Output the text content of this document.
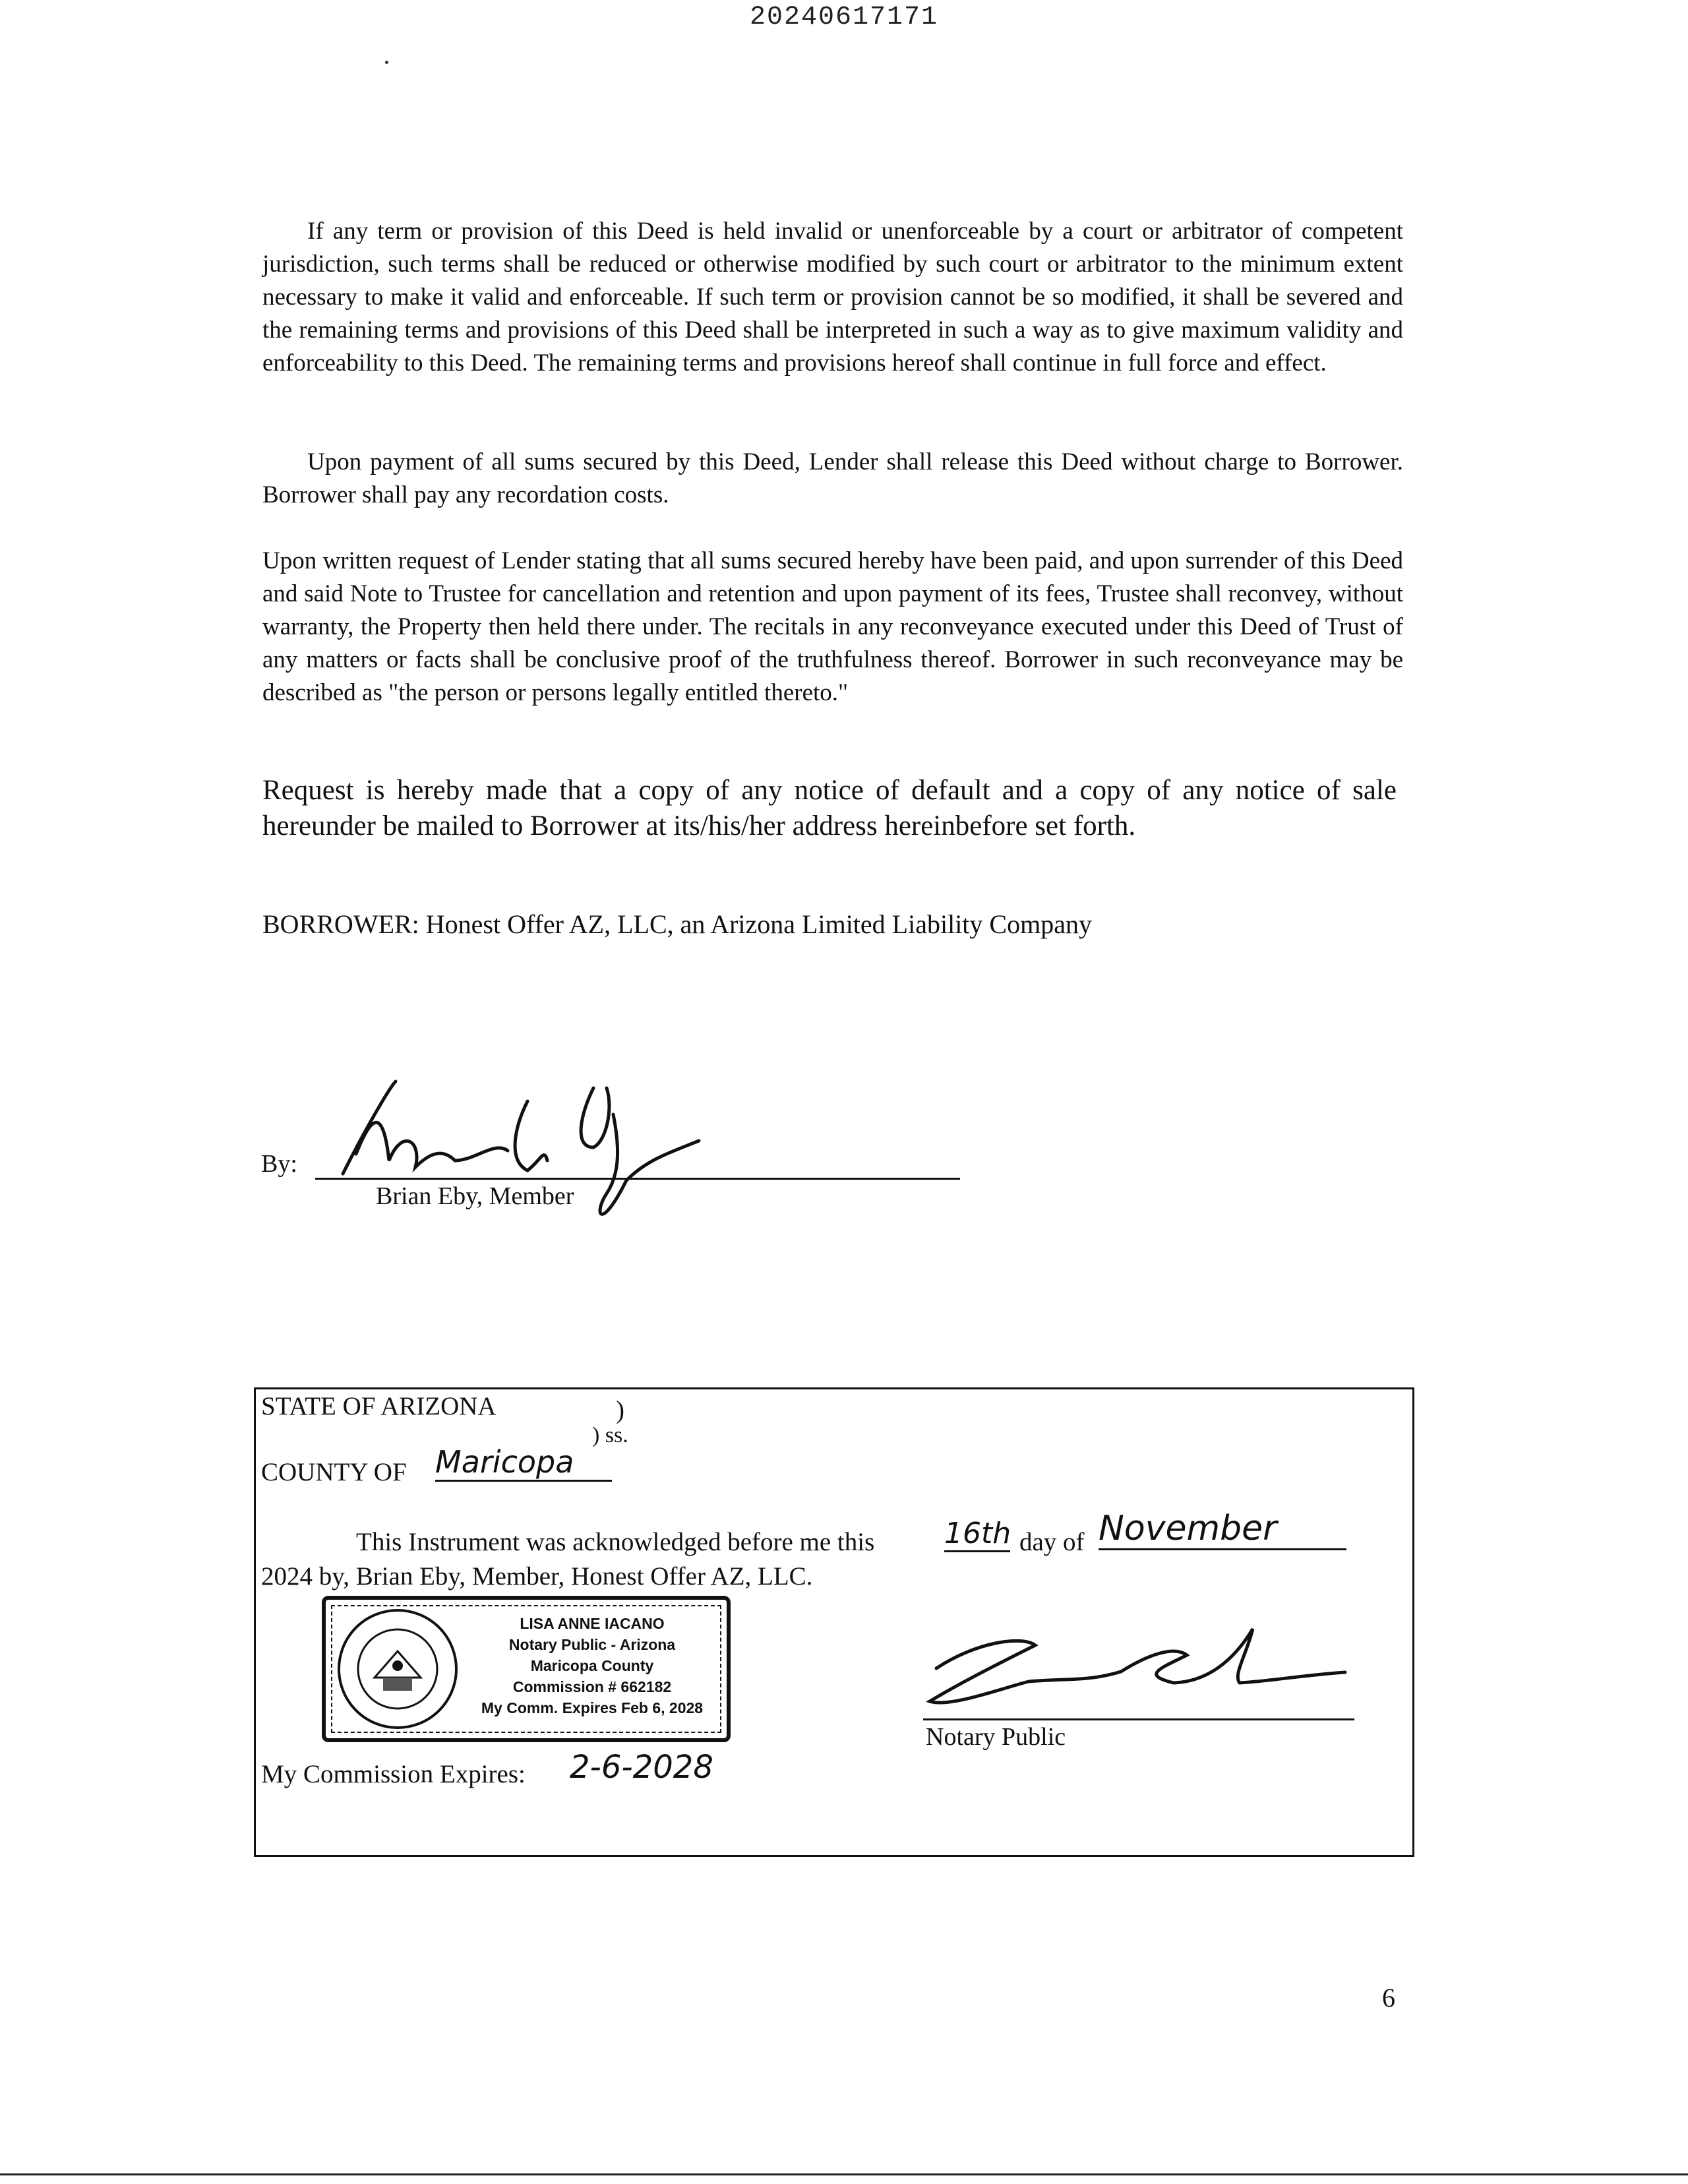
20240617171

If any term or provision of this Deed is held invalid or unenforceable by a court or arbitrator of competent jurisdiction, such terms shall be reduced or otherwise modified by such court or arbitrator to the minimum extent necessary to make it valid and enforceable. If such term or provision cannot be so modified, it shall be severed and the remaining terms and provisions of this Deed shall be interpreted in such a way as to give maximum validity and enforceability to this Deed. The remaining terms and provisions hereof shall continue in full force and effect.

Upon payment of all sums secured by this Deed, Lender shall release this Deed without charge to Borrower. Borrower shall pay any recordation costs.

Upon written request of Lender stating that all sums secured hereby have been paid, and upon surrender of this Deed and said Note to Trustee for cancellation and retention and upon payment of its fees, Trustee shall reconvey, without warranty, the Property then held there under. The recitals in any reconveyance executed under this Deed of Trust of any matters or facts shall be conclusive proof of the truthfulness thereof. Borrower in such reconveyance may be described as "the person or persons legally entitled thereto."

Request is hereby made that a copy of any notice of default and a copy of any notice of sale hereunder be mailed to Borrower at its/his/her address hereinbefore set forth.

BORROWER: Honest Offer AZ, LLC, an Arizona Limited Liability Company
By:
Brian Eby, Member
STATE OF ARIZONA	)
) ss.
COUNTY OF Maricopa
This Instrument was acknowledged before me this 16th day of November
2024 by, Brian Eby, Member, Honest Offer AZ, LLC.
LISA ANNE IACANO
Notary Public - Arizona
Maricopa County
Commission # 662182
My Comm. Expires Feb 6, 2028
Notary Public
My Commission Expires: 2-6-2028
6
